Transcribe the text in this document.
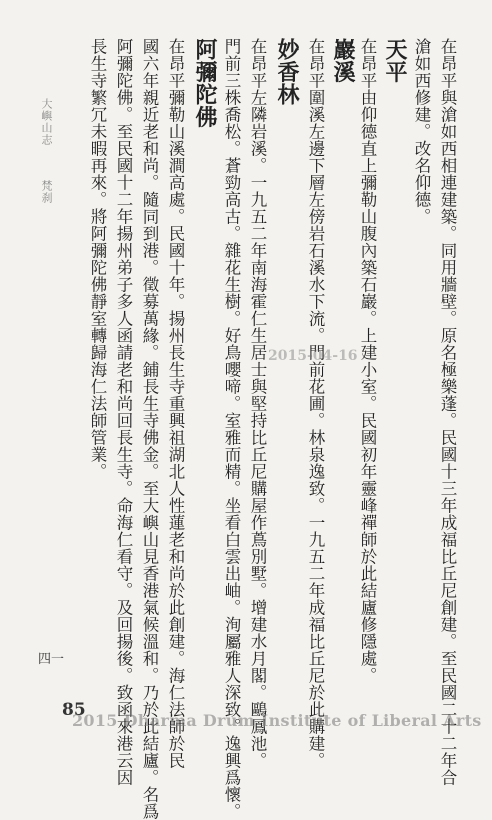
大嶼山志
梵刹
四一	在昂平與滄如西相連建築。同用牆壁。原名極樂蓬。民國十三年成福比丘尼創建。至民國二十二年合
滄如西修建。改名仰德。
天平
在昂平由仰德直上彌勒山腹內築石巖。上建小室。民國初年靈峰禪師於此結廬修隱處。
巖溪
在昂平圍溪左邊下層左傍岩石溪水下流。門前花圃。林泉逸致。一九五二年成福比丘尼於此購建。
妙香林
在昂平左隣岩溪。一九五二年南海霍仁生居士與堅持比丘尼購屋作蔦別墅。增建水月閣。鷗鳳池。
門前三株喬松。蒼勁高古。雜花生樹。好鳥嚶啼。室雅而精。坐看白雲出岫。洵屬雅人深致。逸興爲懷。
阿彌陀佛
在昂平彌勒山溪澗高處。民國十年。揚州長生寺重興祖湖北人性蓮老和尚於此創建。海仁法師於民
國六年親近老和尚。隨同到港。徵募萬緣。鋪長生寺佛金。至大嶼山見香港氣候溫和。乃於此結廬。名爲
阿彌陀佛。至民國十二年揚州弟子多人函請老和尚回長生寺。命海仁看守。及回揚後。致函來港云因
長生寺繁冗未暇再來。將阿彌陀佛靜室轉歸海仁法師管業。	2015-04-16
85
2015 Dharma Drum Institute of Liberal Arts
